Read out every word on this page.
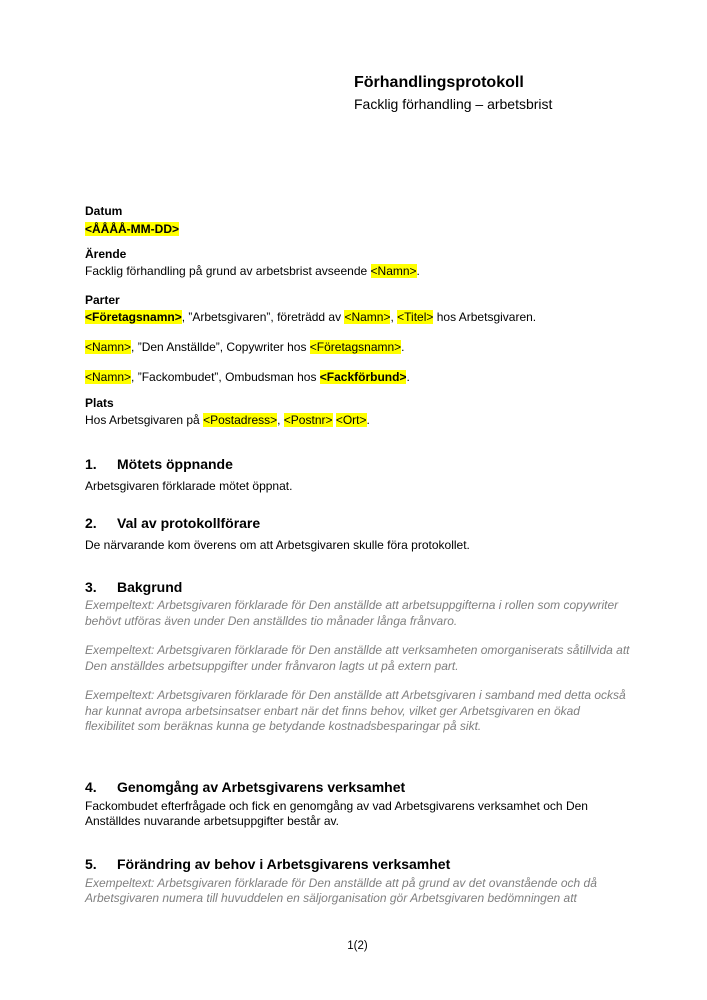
Förhandlingsprotokoll
Facklig förhandling – arbetsbrist

Datum

<ÅÅÅÅ-MM-DD>

Ärende

Facklig förhandling på grund av arbetsbrist avseende <Namn>.

Parter

<Företagsnamn>, ”Arbetsgivaren”, företrädd av <Namn>, <Titel> hos Arbetsgivaren.

<Namn>, ”Den Anställde”, Copywriter hos <Företagsnamn>.

<Namn>, ”Fackombudet”, Ombudsman hos <Fackförbund>.

Plats

Hos Arbetsgivaren på <Postadress>, <Postnr> <Ort>.

1. Mötets öppnande

Arbetsgivaren förklarade mötet öppnat.

2. Val av protokollförare

De närvarande kom överens om att Arbetsgivaren skulle föra protokollet.

3. Bakgrund

Exempeltext: Arbetsgivaren förklarade för Den anställde att arbetsuppgifterna i rollen som copywriter behövt utföras även under Den anställdes tio månader långa frånvaro.

Exempeltext: Arbetsgivaren förklarade för Den anställde att verksamheten omorganiserats såtillvida att Den anställdes arbetsuppgifter under frånvaron lagts ut på extern part.

Exempeltext: Arbetsgivaren förklarade för Den anställde att Arbetsgivaren i samband med detta också har kunnat avropa arbetsinsatser enbart när det finns behov, vilket ger Arbetsgivaren en ökad flexibilitet som beräknas kunna ge betydande kostnadsbesparingar på sikt.

4. Genomgång av Arbetsgivarens verksamhet

Fackombudet efterfrågade och fick en genomgång av vad Arbetsgivarens verksamhet och Den Anställdes nuvarande arbetsuppgifter består av.

5. Förändring av behov i Arbetsgivarens verksamhet

Exempeltext: Arbetsgivaren förklarade för Den anställde att på grund av det ovanstående och då Arbetsgivaren numera till huvuddelen en säljorganisation gör Arbetsgivaren bedömningen att

1(2)
